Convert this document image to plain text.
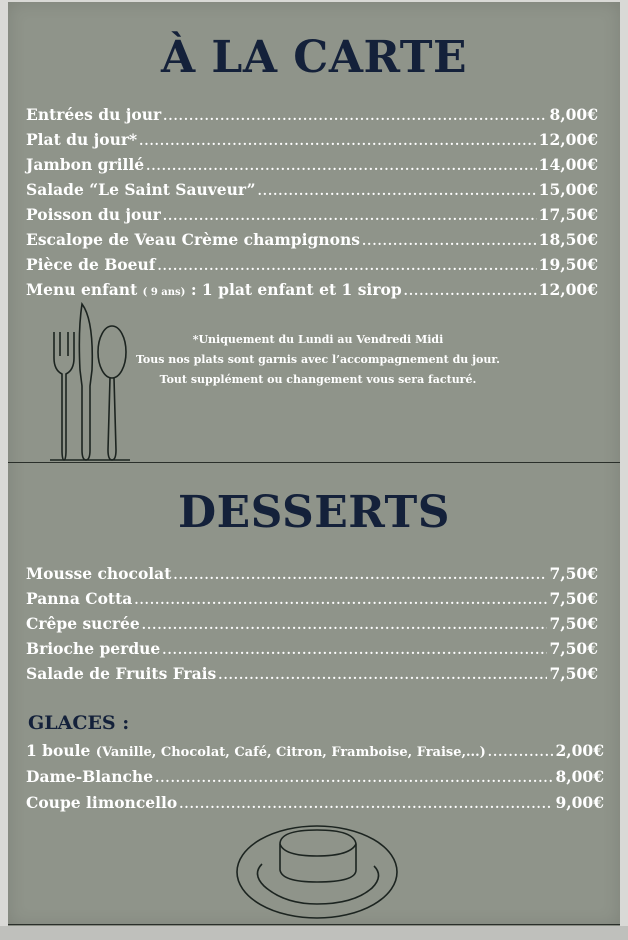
À LA CARTE
Entrées du jour .....	8,00€
Plat du jour* .....	12,00€
Jambon grillé .....	14,00€
Salade “Le Saint Sauveur” .....	15,00€
Poisson du jour .....	17,50€
Escalope de Veau Crème champignons .....	18,50€
Pièce de Boeuf .....	19,50€
Menu enfant ( 9 ans) : 1 plat enfant et 1 sirop .....	12,00€
*Uniquement du Lundi au Vendredi Midi
Tous nos plats sont garnis avec l’accompagnement du jour.
Tout supplément ou changement vous sera facturé.
DESSERTS
Mousse chocolat .....	7,50€
Panna Cotta .....	7,50€
Crêpe sucrée .....	7,50€
Brioche perdue .....	7,50€
Salade de Fruits Frais .....	7,50€
GLACES :
1 boule (Vanille, Chocolat, Café, Citron, Framboise, Fraise,...) .....	2,00€
Dame-Blanche .....	8,00€
Coupe limoncello .....	9,00€
